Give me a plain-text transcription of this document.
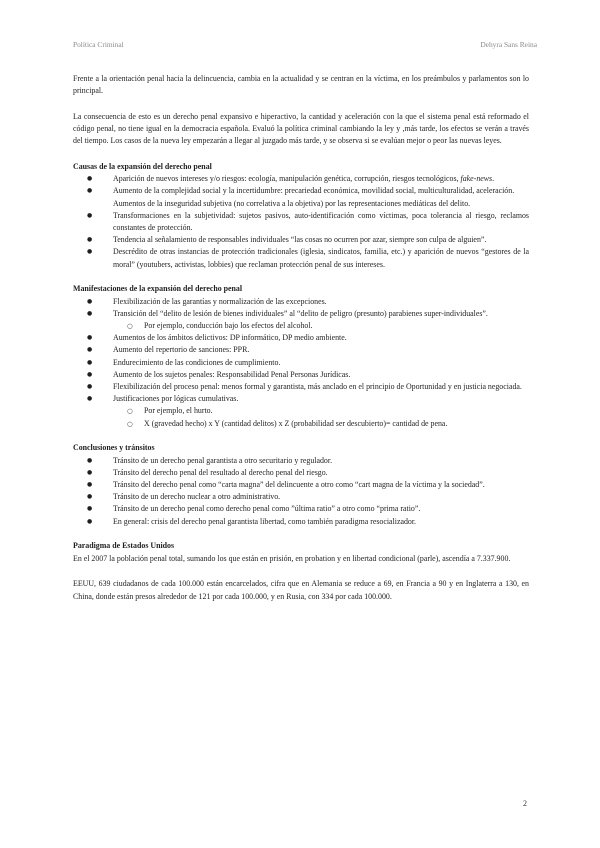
Política Criminal	Dehyra Sans Reina

Frente a la orientación penal hacia la delincuencia, cambia en la actualidad y se centran en la víctima, en los preámbulos y parlamentos son lo principal.

La consecuencia de esto es un derecho penal expansivo e hiperactivo, la cantidad y aceleración con la que el sistema penal está reformado el código penal, no tiene igual en la democracia española. Evaluó la política criminal cambiando la ley y ,más tarde, los efectos se verán a través del tiempo. Los casos de la nueva ley empezarán a llegar al juzgado más tarde, y se observa si se evalúan mejor o peor las nuevas leyes.

Causas de la expansión del derecho penal
● Aparición de nuevos intereses y/o riesgos: ecología, manipulación genética, corrupción, riesgos tecnológicos, fake-news.
● Aumento de la complejidad social y la incertidumbre: precariedad económica, movilidad social, multiculturalidad, aceleración.
Aumentos de la inseguridad subjetiva (no correlativa a la objetiva) por las representaciones mediáticas del delito.
● Transformaciones en la subjetividad: sujetos pasivos, auto-identificación como víctimas, poca tolerancia al riesgo, reclamos constantes de protección.
● Tendencia al señalamiento de responsables individuales “las cosas no ocurren por azar, siempre son culpa de alguien”.
● Descrédito de otras instancias de protección tradicionales (iglesia, sindicatos, familia, etc.) y aparición de nuevos “gestores de la moral” (youtubers, activistas, lobbies) que reclaman protección penal de sus intereses.
Manifestaciones de la expansión del derecho penal
● Flexibilización de las garantías y normalización de las excepciones.
● Transición del “delito de lesión de bienes individuales” al “delito de peligro (presunto) parabienes super-individuales”.
○ Por ejemplo, conducción bajo los efectos del alcohol.
● Aumentos de los ámbitos delictivos: DP informático, DP medio ambiente.
● Aumento del repertorio de sanciones: PPR.
● Endurecimiento de las condiciones de cumplimiento.
● Aumento de los sujetos penales: Responsabilidad Penal Personas Jurídicas.
● Flexibilización del proceso penal: menos formal y garantista, más anclado en el principio de Oportunidad y en justicia negociada.
● Justificaciones por lógicas cumulativas.
○ Por ejemplo, el hurto.
○ X (gravedad hecho) x Y (cantidad delitos) x Z (probabilidad ser descubierto)= cantidad de pena.
Conclusiones y tránsitos
● Tránsito de un derecho penal garantista a otro securitario y regulador.
● Tránsito del derecho penal del resultado al derecho penal del riesgo.
● Tránsito del derecho penal como “carta magna” del delincuente a otro como “cart magna de la víctima y la sociedad”.
● Tránsito de un derecho nuclear a otro administrativo.
● Tránsito de un derecho penal como derecho penal como ”última ratio” a otro como “prima ratio”.
● En general: crisis del derecho penal garantista libertad, como también paradigma resocializador.
Paradigma de Estados Unidos

En el 2007 la población penal total, sumando los que están en prisión, en probation y en libertad condicional (parle), ascendía a 7.337.900.

EEUU, 639 ciudadanos de cada 100.000 están encarcelados, cifra que en Alemania se reduce a 69, en Francia a 90 y en Inglaterra a 130, en China, donde están presos alrededor de 121 por cada 100.000, y en Rusia, con 334 por cada 100.000.

2
